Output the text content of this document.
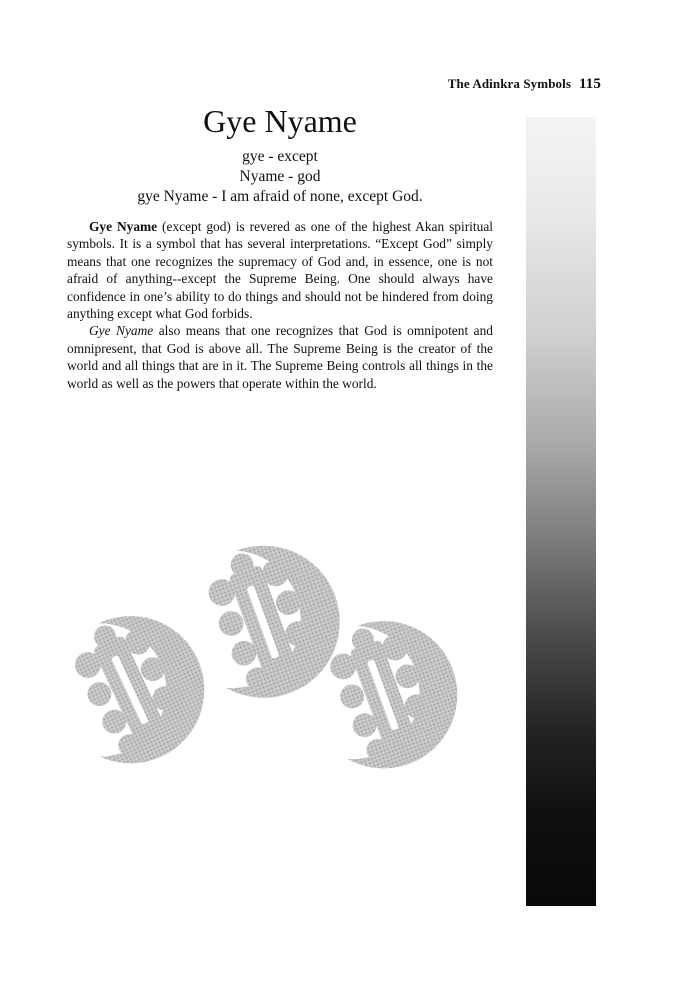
The Adinkra Symbols 115
Gye Nyame
gye - except
Nyame - god
gye Nyame - I am afraid of none, except God.

Gye Nyame (except god) is revered as one of the highest Akan spiritual symbols. It is a symbol that has several interpretations. “Except God” simply means that one recognizes the supremacy of God and, in essence, one is not afraid of anything--except the Supreme Being. One should always have confidence in one’s ability to do things and should not be hindered from doing anything except what God forbids.

Gye Nyame also means that one recognizes that God is omnipotent and omnipresent, that God is above all. The Supreme Being is the creator of the world and all things that are in it. The Supreme Being controls all things in the world as well as the powers that operate within the world.
